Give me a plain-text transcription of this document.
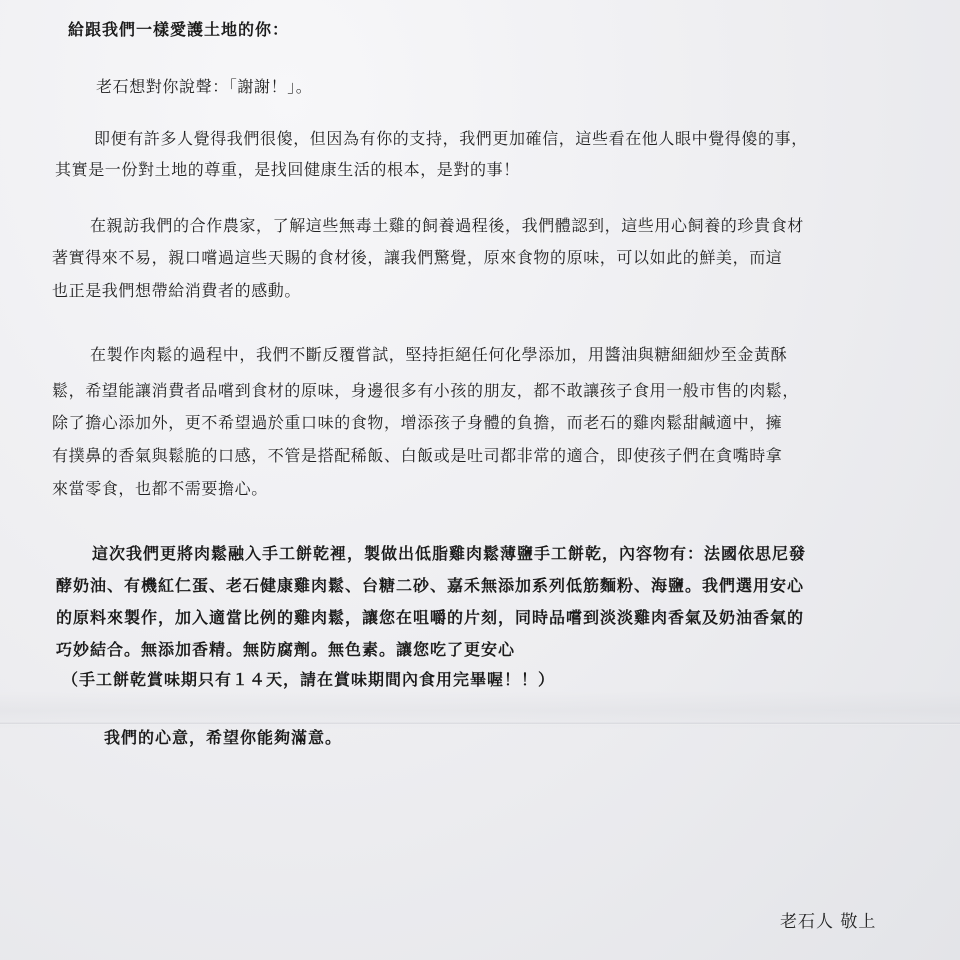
給跟我們一樣愛護土地的你：
老石想對你說聲：「謝謝！」。
即便有許多人覺得我們很傻，但因為有你的支持，我們更加確信，這些看在他人眼中覺得傻的事，
其實是一份對土地的尊重，是找回健康生活的根本，是對的事！
在親訪我們的合作農家，了解這些無毒土雞的飼養過程後，我們體認到，這些用心飼養的珍貴食材
著實得來不易，親口嚐過這些天賜的食材後，讓我們驚覺，原來食物的原味，可以如此的鮮美，而這
也正是我們想帶給消費者的感動。
在製作肉鬆的過程中，我們不斷反覆嘗試，堅持拒絕任何化學添加，用醬油與糖細細炒至金黃酥
鬆，希望能讓消費者品嚐到食材的原味，身邊很多有小孩的朋友，都不敢讓孩子食用一般市售的肉鬆，
除了擔心添加外，更不希望過於重口味的食物，增添孩子身體的負擔，而老石的雞肉鬆甜鹹適中，擁
有撲鼻的香氣與鬆脆的口感，不管是搭配稀飯、白飯或是吐司都非常的適合，即使孩子們在貪嘴時拿
來當零食，也都不需要擔心。
這次我們更將肉鬆融入手工餅乾裡，製做出低脂雞肉鬆薄鹽手工餅乾，內容物有：法國依思尼發
酵奶油、有機紅仁蛋、老石健康雞肉鬆、台糖二砂、嘉禾無添加系列低筋麵粉、海鹽。我們選用安心
的原料來製作，加入適當比例的雞肉鬆，讓您在咀嚼的片刻，同時品嚐到淡淡雞肉香氣及奶油香氣的
巧妙結合。無添加香精。無防腐劑。無色素。讓您吃了更安心
（手工餅乾賞味期只有１４天，請在賞味期間內食用完畢喔！！）
我們的心意，希望你能夠滿意。
老石人 敬上
